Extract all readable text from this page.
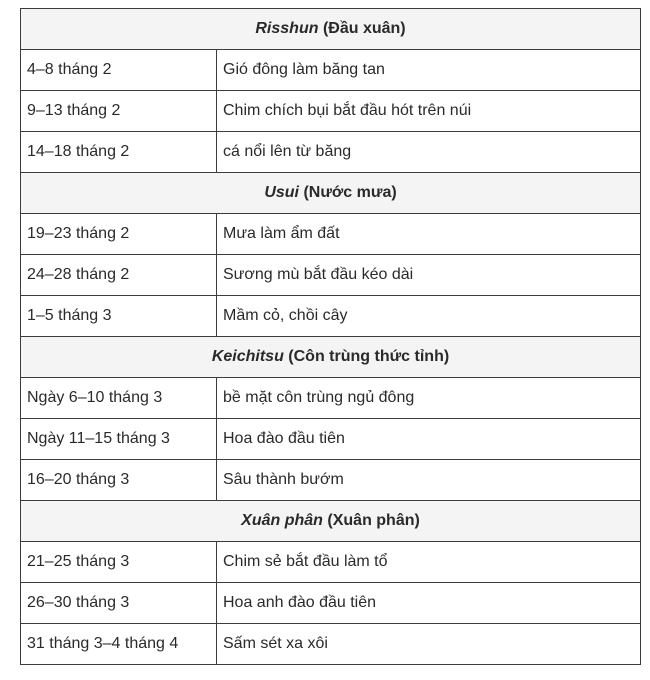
Risshun (Đầu xuân)	
4–8 tháng 2	Gió đông làm băng tan
9–13 tháng 2	Chim chích bụi bắt đầu hót trên núi
14–18 tháng 2	cá nổi lên từ băng
Usui (Nước mưa)	
19–23 tháng 2	Mưa làm ẩm đất
24–28 tháng 2	Sương mù bắt đầu kéo dài
1–5 tháng 3	Mầm cỏ, chồi cây
Keichitsu (Côn trùng thức tỉnh)	
Ngày 6–10 tháng 3	bề mặt côn trùng ngủ đông
Ngày 11–15 tháng 3	Hoa đào đầu tiên
16–20 tháng 3	Sâu thành bướm
Xuân phân (Xuân phân)	
21–25 tháng 3	Chim sẻ bắt đầu làm tổ
26–30 tháng 3	Hoa anh đào đầu tiên
31 tháng 3–4 tháng 4	Sấm sét xa xôi
